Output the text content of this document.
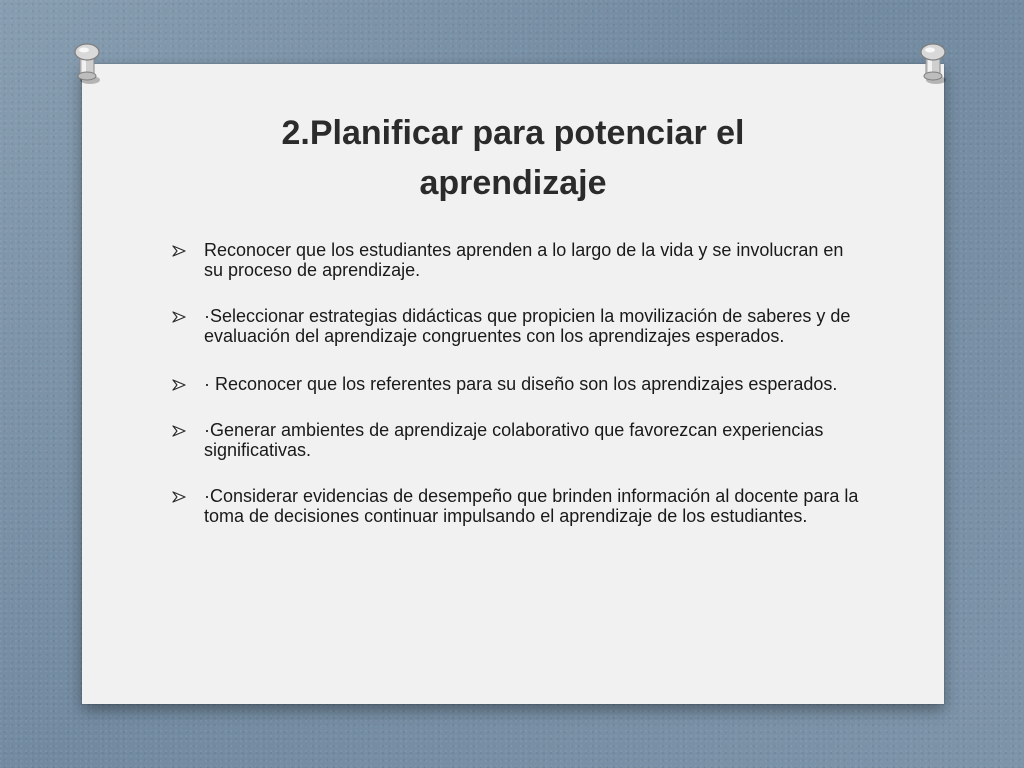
2.Planificar para potenciar el
aprendizaje
Reconocer que los estudiantes aprenden a lo largo de la vida y se involucran en su proceso de aprendizaje.
·Seleccionar estrategias didácticas que propicien la movilización de saberes y de evaluación del aprendizaje congruentes con los aprendizajes esperados.
· Reconocer que los referentes para su diseño son los aprendizajes esperados.
·Generar ambientes de aprendizaje colaborativo que favorezcan experiencias significativas.
·Considerar evidencias de desempeño que brinden información al docente para la toma de decisiones continuar impulsando el aprendizaje de los estudiantes.
